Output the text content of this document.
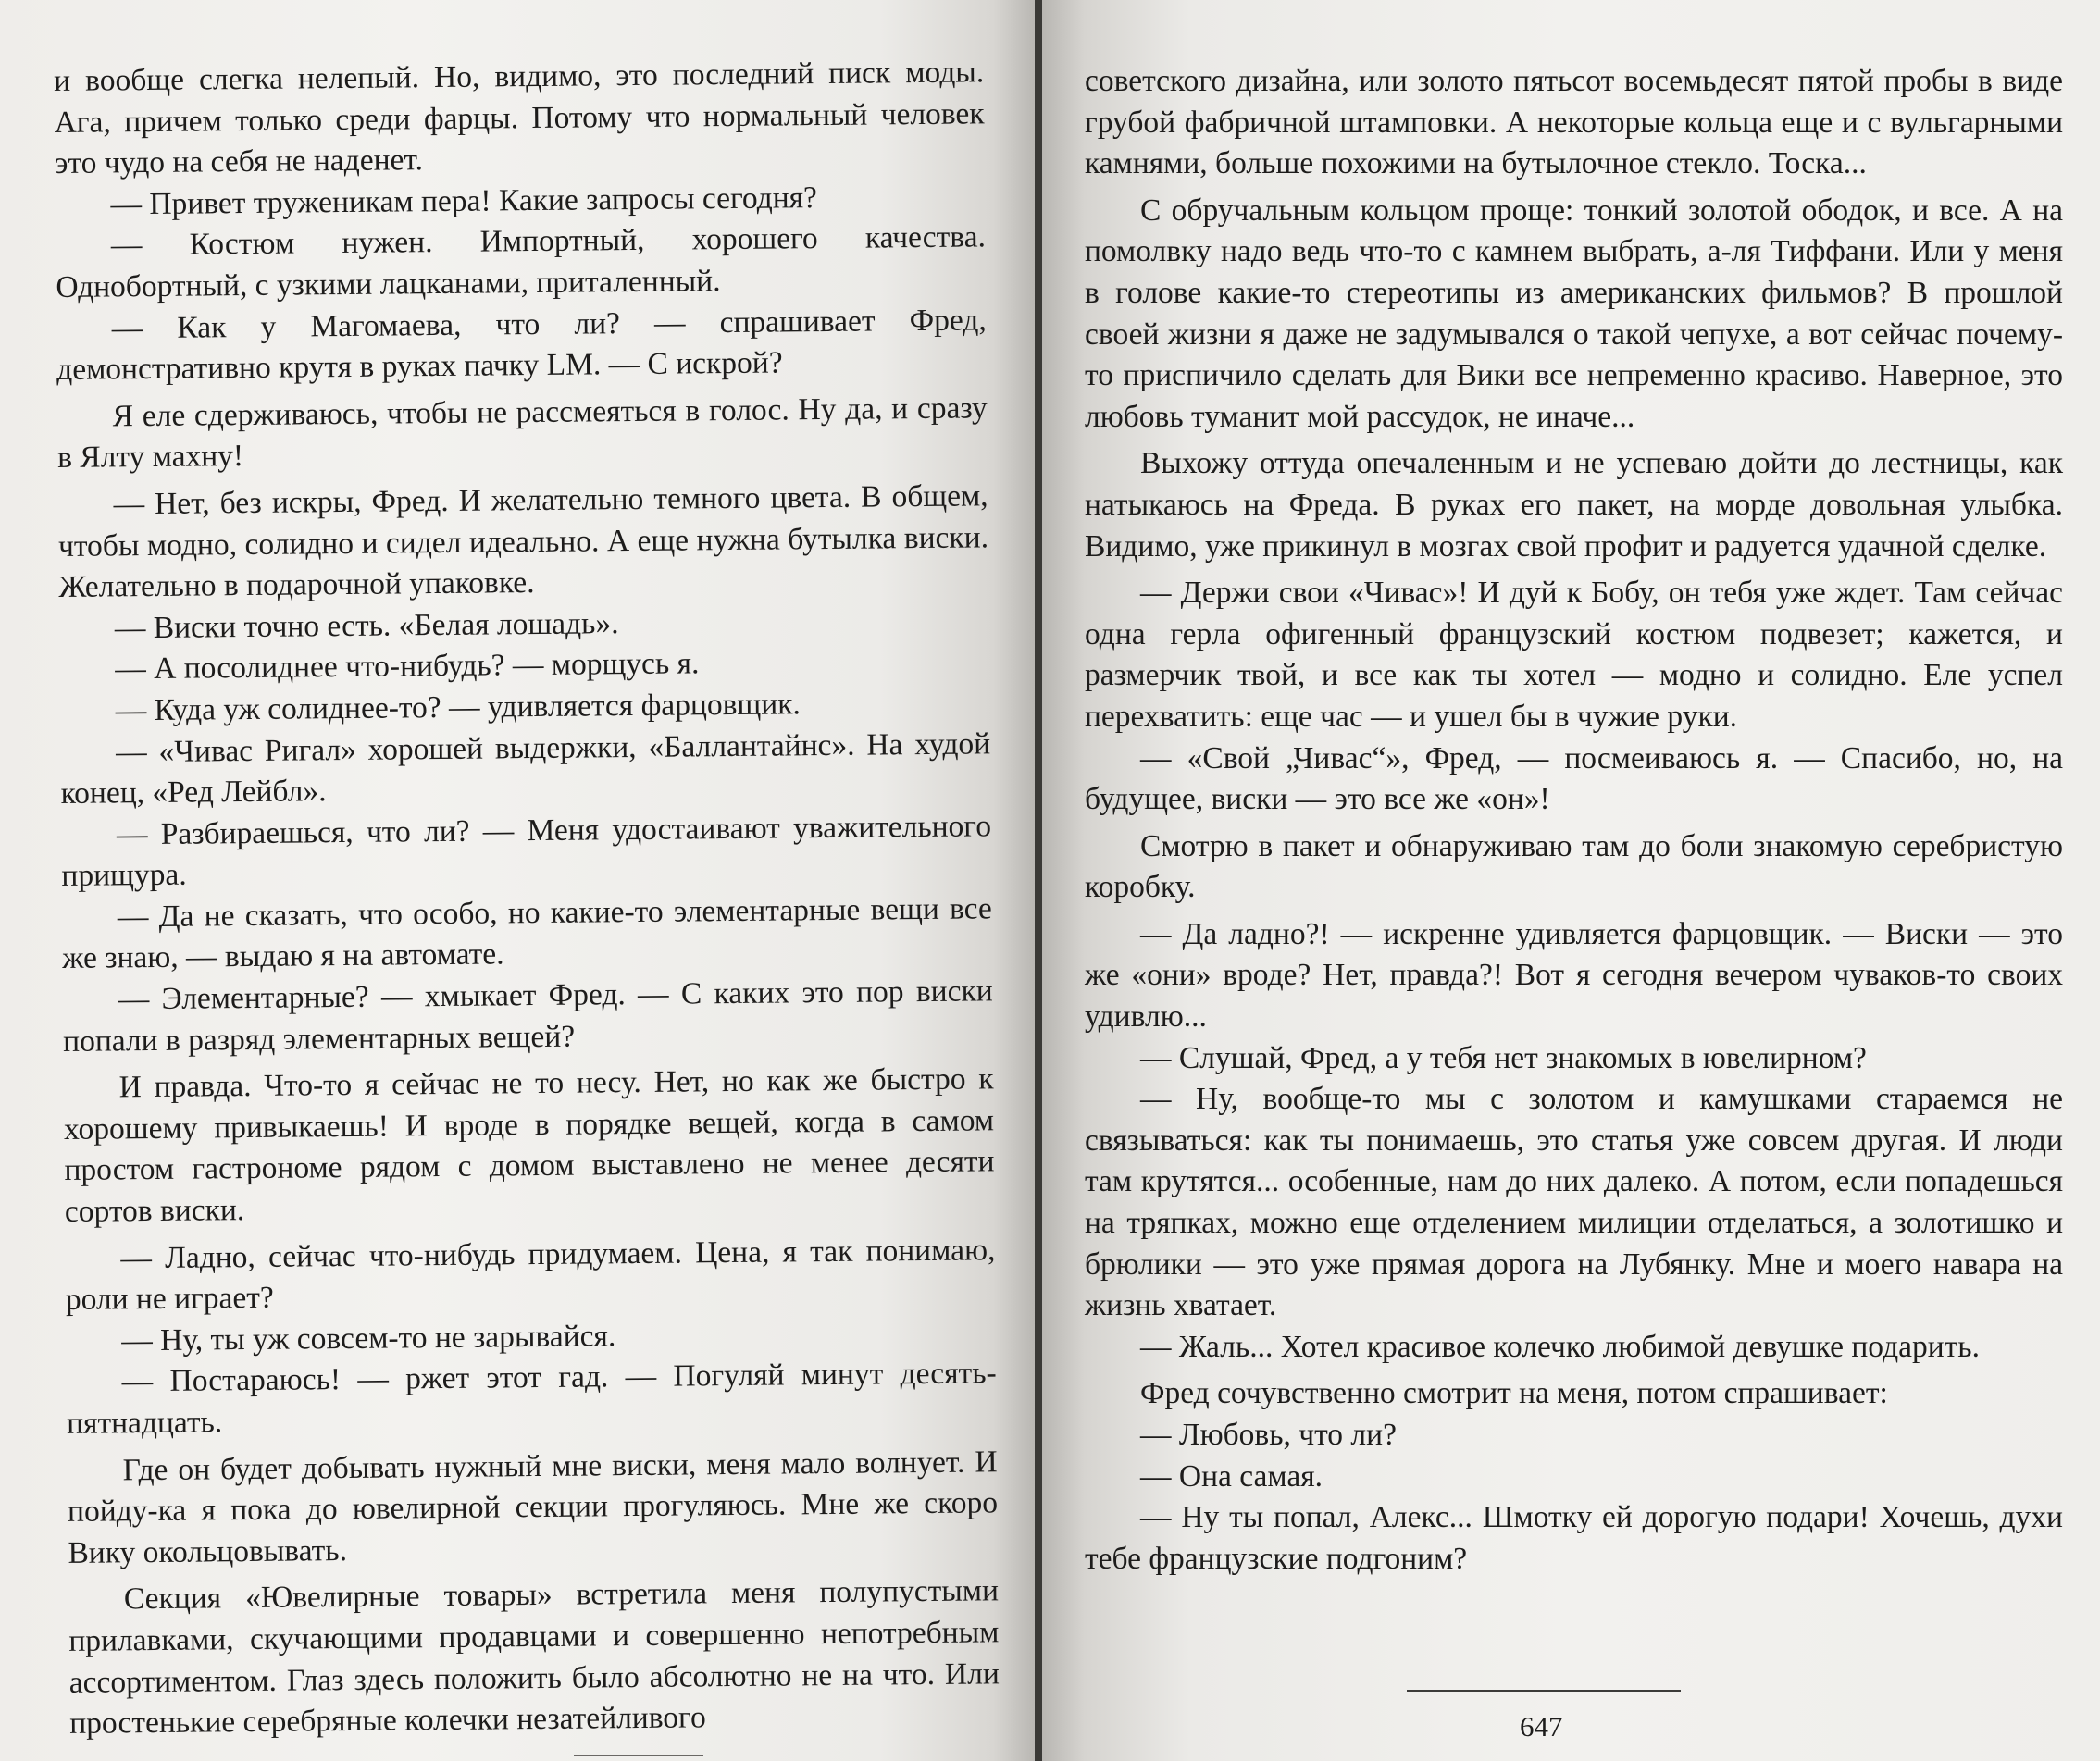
и вообще слегка нелепый. Но, видимо, это последний писк моды. Ага, причем только среди фарцы. Потому что нормальный человек это чудо на себя не наденет.

— Привет труженикам пера! Какие запросы сегодня?

— Костюм нужен. Импортный, хорошего качества. Однобортный, с узкими лацканами, приталенный.

— Как у Магомаева, что ли? — спрашивает Фред, демонстративно крутя в руках пачку LM. — С искрой?

Я еле сдерживаюсь, чтобы не рассмеяться в голос. Ну да, и сразу в Ялту махну!

— Нет, без искры, Фред. И желательно темного цвета. В общем, чтобы модно, солидно и сидел идеально. А еще нужна бутылка виски. Желательно в подарочной упаковке.

— Виски точно есть. «Белая лошадь».

— А посолиднее что-нибудь? — морщусь я.

— Куда уж солиднее-то? — удивляется фарцовщик.

— «Чивас Ригал» хорошей выдержки, «Баллантайнс». На худой конец, «Ред Лейбл».

— Разбираешься, что ли? — Меня удостаивают уважительного прищура.

— Да не сказать, что особо, но какие-то элементарные вещи все же знаю, — выдаю я на автомате.

— Элементарные? — хмыкает Фред. — С каких это пор виски попали в разряд элементарных вещей?

И правда. Что-то я сейчас не то несу. Нет, но как же быстро к хорошему привыкаешь! И вроде в порядке вещей, когда в самом простом гастрономе рядом с домом выставлено не менее десяти сортов виски.

— Ладно, сейчас что-нибудь придумаем. Цена, я так понимаю, роли не играет?

— Ну, ты уж совсем-то не зарывайся.

— Постараюсь! — ржет этот гад. — Погуляй минут десять-пятнадцать.

Где он будет добывать нужный мне виски, меня мало волнует. И пойду-ка я пока до ювелирной секции прогуляюсь. Мне же скоро Вику окольцовывать.

Секция «Ювелирные товары» встретила меня полупустыми прилавками, скучающими продавцами и совершенно непотребным ассортиментом. Глаз здесь положить было абсолютно не на что. Или простенькие серебряные колечки незатейливого

советского дизайна, или золото пятьсот восемьдесят пятой пробы в виде грубой фабричной штамповки. А некоторые кольца еще и с вульгарными камнями, больше похожими на бутылочное стекло. Тоска...

С обручальным кольцом проще: тонкий золотой ободок, и все. А на помолвку надо ведь что-то с камнем выбрать, а-ля Тиффани. Или у меня в голове какие-то стереотипы из американских фильмов? В прошлой своей жизни я даже не задумывался о такой чепухе, а вот сейчас почему-то приспичило сделать для Вики все непременно красиво. Наверное, это любовь туманит мой рассудок, не иначе...

Выхожу оттуда опечаленным и не успеваю дойти до лестницы, как натыкаюсь на Фреда. В руках его пакет, на морде довольная улыбка. Видимо, уже прикинул в мозгах свой профит и радуется удачной сделке.

— Держи свои «Чивас»! И дуй к Бобу, он тебя уже ждет. Там сейчас одна герла офигенный французский костюм подвезет; кажется, и размерчик твой, и все как ты хотел — модно и солидно. Еле успел перехватить: еще час — и ушел бы в чужие руки.

— «Свой „Чивас“», Фред, — посмеиваюсь я. — Спасибо, но, на будущее, виски — это все же «он»!

Смотрю в пакет и обнаруживаю там до боли знакомую серебристую коробку.

— Да ладно?! — искренне удивляется фарцовщик. — Виски — это же «они» вроде? Нет, правда?! Вот я сегодня вечером чуваков-то своих удивлю...

— Слушай, Фред, а у тебя нет знакомых в ювелирном?

— Ну, вообще-то мы с золотом и камушками стараемся не связываться: как ты понимаешь, это статья уже совсем другая. И люди там крутятся... особенные, нам до них далеко. А потом, если попадешься на тряпках, можно еще отделением милиции отделаться, а золотишко и брюлики — это уже прямая дорога на Лубянку. Мне и моего навара на жизнь хватает.

— Жаль... Хотел красивое колечко любимой девушке подарить.

Фред сочувственно смотрит на меня, потом спрашивает:

— Любовь, что ли?

— Она самая.

— Ну ты попал, Алекс... Шмотку ей дорогую подари! Хочешь, духи тебе французские подгоним?

647
